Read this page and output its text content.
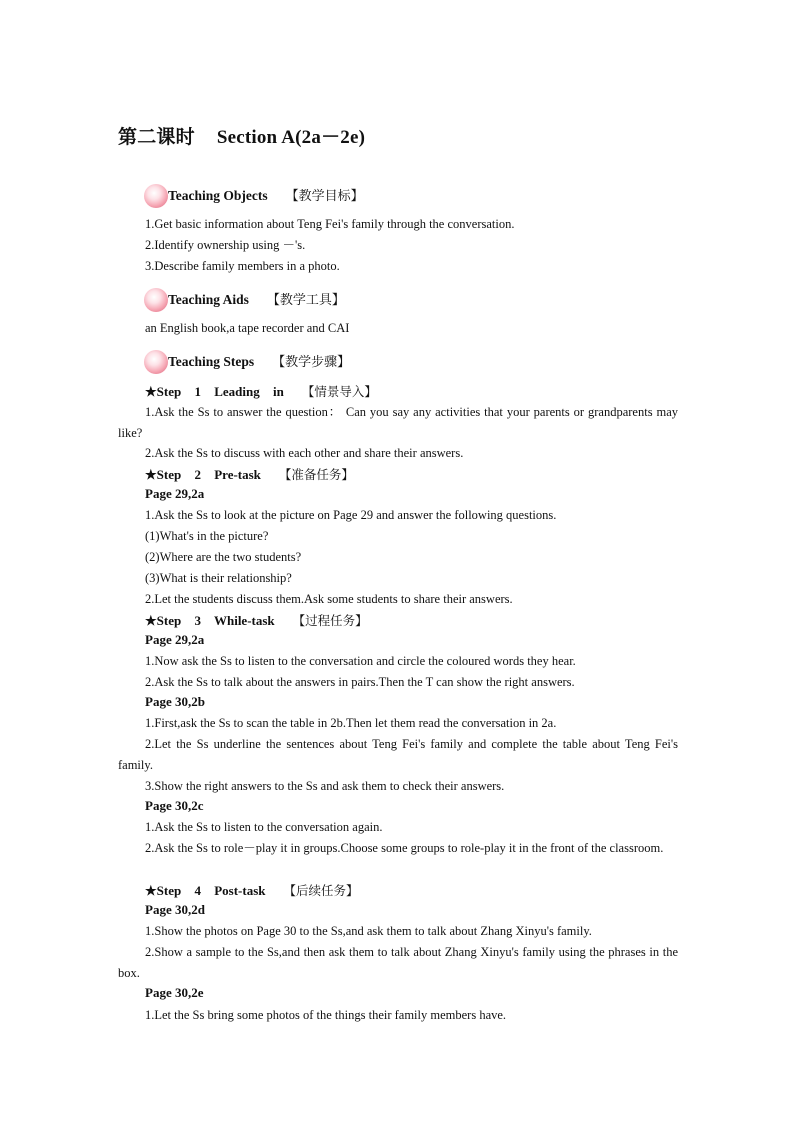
第二课时 Section A(2a－2e)
Teaching Objects 【教学目标】
1.Get basic information about Teng Fei's family through the conversation.
2.Identify ownership using －'s.
3.Describe family members in a photo.
Teaching Aids 【教学工具】
an English book,a tape recorder and CAI
Teaching Steps 【教学步骤】
★Step 1 Leading in 【情景导入】
1.Ask the Ss to answer the question： Can you say any activities that your parents or grandparents may like?
2.Ask the Ss to discuss with each other and share their answers.
★Step 2 Pre-task 【准备任务】
Page 29,2a
1.Ask the Ss to look at the picture on Page 29 and answer the following questions.
(1)What's in the picture?
(2)Where are the two students?
(3)What is their relationship?
2.Let the students discuss them.Ask some students to share their answers.
★Step 3 While-task 【过程任务】
Page 29,2a
1.Now ask the Ss to listen to the conversation and circle the coloured words they hear.
2.Ask the Ss to talk about the answers in pairs.Then the T can show the right answers.
Page 30,2b
1.First,ask the Ss to scan the table in 2b.Then let them read the conversation in 2a.
2.Let the Ss underline the sentences about Teng Fei's family and complete the table about Teng Fei's family.
3.Show the right answers to the Ss and ask them to check their answers.
Page 30,2c
1.Ask the Ss to listen to the conversation again.
2.Ask the Ss to role－play it in groups.Choose some groups to role-play it in the front of the classroom.
★Step 4 Post-task 【后续任务】
Page 30,2d
1.Show the photos on Page 30 to the Ss,and ask them to talk about Zhang Xinyu's family.
2.Show a sample to the Ss,and then ask them to talk about Zhang Xinyu's family using the phrases in the box.
Page 30,2e
1.Let the Ss bring some photos of the things their family members have.
